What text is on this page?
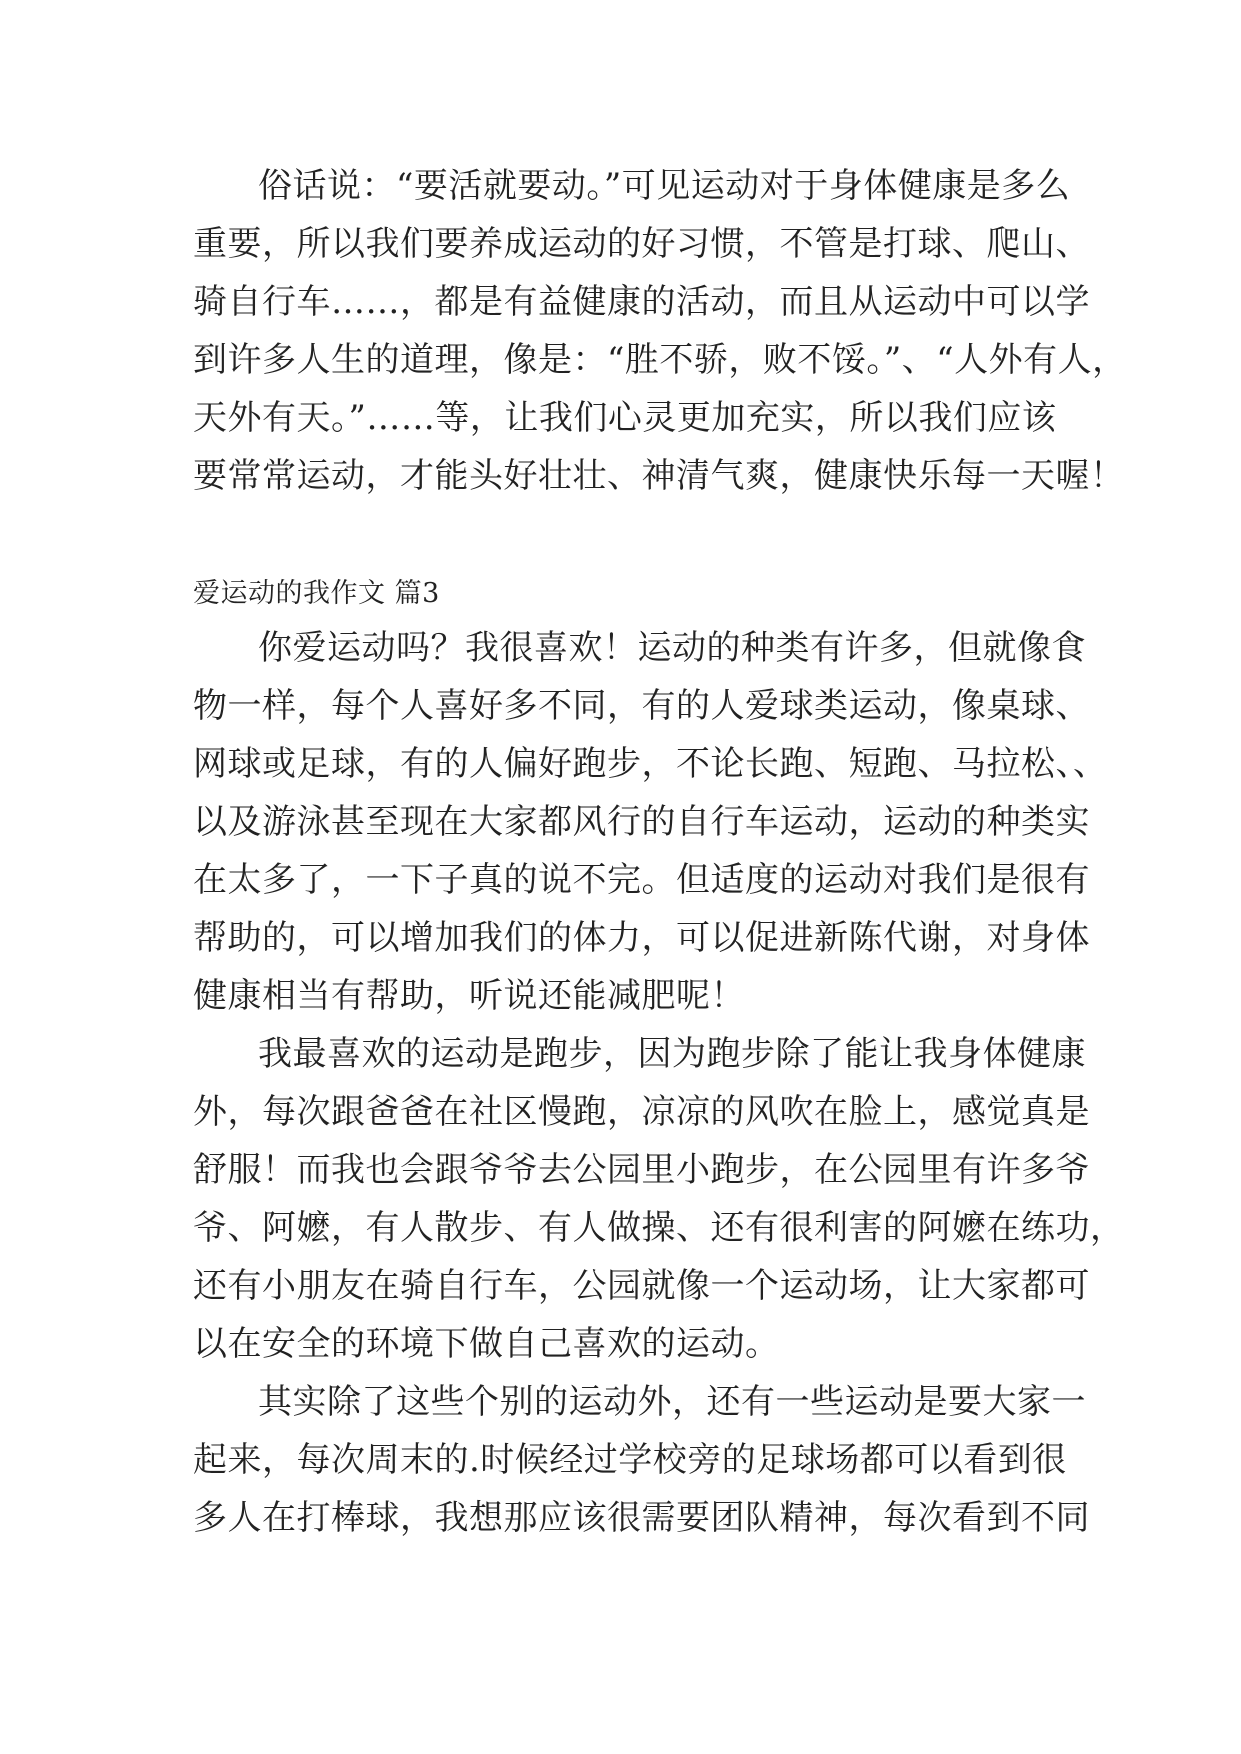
俗话说：“要活就要动。”可见运动对于身体健康是多么
重要，所以我们要养成运动的好习惯，不管是打球、爬山、
骑自行车……，都是有益健康的活动，而且从运动中可以学
到许多人生的道理，像是：“胜不骄，败不馁。”、“人外有人，
天外有天。”……等，让我们心灵更加充实，所以我们应该
要常常运动，才能头好壮壮、神清气爽，健康快乐每一天喔！
爱运动的我作文 篇3
你爱运动吗？我很喜欢！运动的种类有许多，但就像食
物一样，每个人喜好多不同，有的人爱球类运动，像桌球、
网球或足球，有的人偏好跑步，不论长跑、短跑、马拉松、、
以及游泳甚至现在大家都风行的自行车运动，运动的种类实
在太多了，一下子真的说不完。但适度的运动对我们是很有
帮助的，可以增加我们的体力，可以促进新陈代谢，对身体
健康相当有帮助，听说还能减肥呢！
我最喜欢的运动是跑步，因为跑步除了能让我身体健康
外，每次跟爸爸在社区慢跑，凉凉的风吹在脸上，感觉真是
舒服！而我也会跟爷爷去公园里小跑步，在公园里有许多爷
爷、阿嬷，有人散步、有人做操、还有很利害的阿嬷在练功，
还有小朋友在骑自行车，公园就像一个运动场，让大家都可
以在安全的环境下做自己喜欢的运动。
其实除了这些个别的运动外，还有一些运动是要大家一
起来，每次周末的.时候经过学校旁的足球场都可以看到很
多人在打棒球，我想那应该很需要团队精神，每次看到不同
